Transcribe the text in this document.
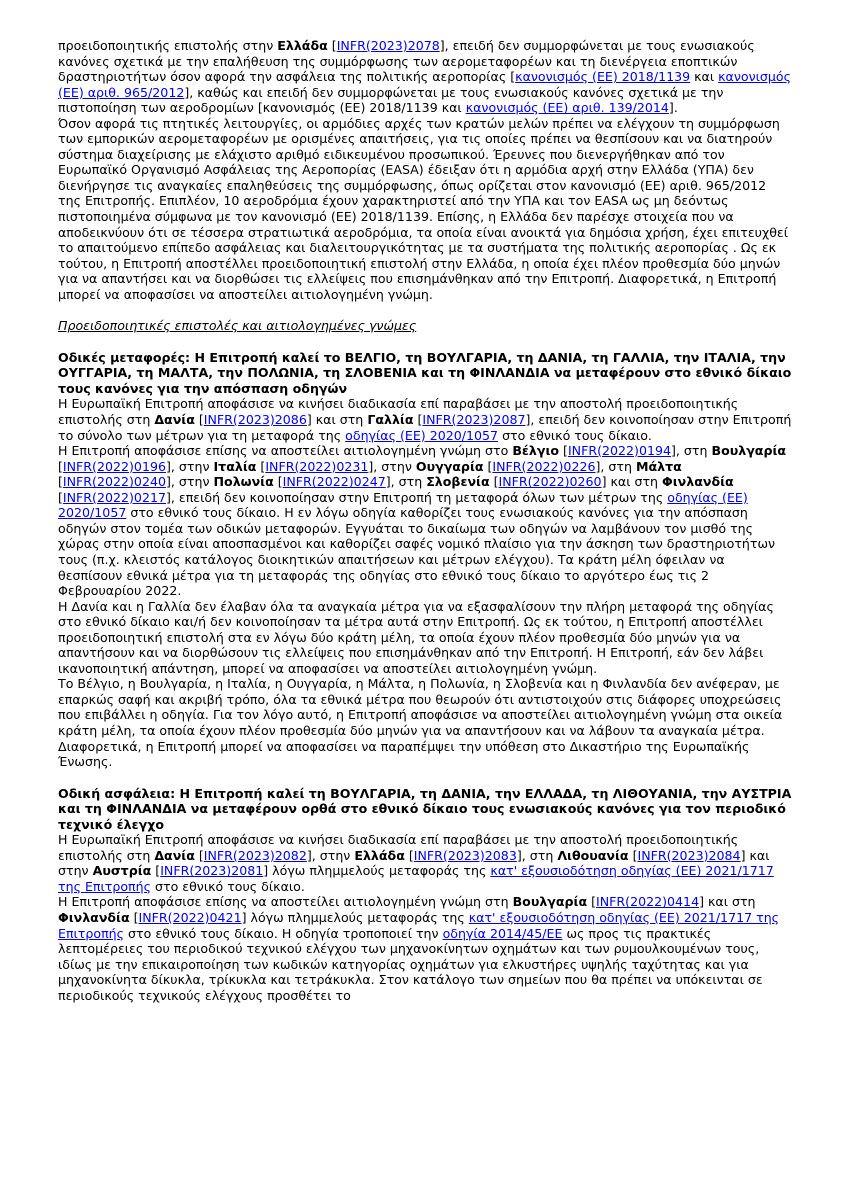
προειδοποιητικής επιστολής στην Ελλάδα [INFR(2023)2078], επειδή δεν συμμορφώνεται με τους ενωσιακούς κανόνες σχετικά με την επαλήθευση της συμμόρφωσης των αερομεταφορέων και τη διενέργεια εποπτικών δραστηριοτήτων όσον αφορά την ασφάλεια της πολιτικής αεροπορίας [κανονισμός (ΕΕ) 2018/1139 και κανονισμός (ΕΕ) αριθ. 965/2012], καθώς και επειδή δεν συμμορφώνεται με τους ενωσιακούς κανόνες σχετικά με την πιστοποίηση των αεροδρομίων [κανονισμός (ΕΕ) 2018/1139 και κανονισμός (ΕΕ) αριθ. 139/2014].

Όσον αφορά τις πτητικές λειτουργίες, οι αρμόδιες αρχές των κρατών μελών πρέπει να ελέγχουν τη συμμόρφωση των εμπορικών αερομεταφορέων με ορισμένες απαιτήσεις, για τις οποίες πρέπει να θεσπίσουν και να διατηρούν σύστημα διαχείρισης με ελάχιστο αριθμό ειδικευμένου προσωπικού. Έρευνες που διενεργήθηκαν από τον Ευρωπαϊκό Οργανισμό Ασφάλειας της Αεροπορίας (EASA) έδειξαν ότι η αρμόδια αρχή στην Ελλάδα (ΥΠΑ) δεν διενήργησε τις αναγκαίες επαληθεύσεις της συμμόρφωσης, όπως ορίζεται στον κανονισμό (ΕΕ) αριθ. 965/2012 της Επιτροπής. Επιπλέον, 10 αεροδρόμια έχουν χαρακτηριστεί από την ΥΠΑ και τον EASA ως μη δεόντως πιστοποιημένα σύμφωνα με τον κανονισμό (ΕΕ) 2018/1139. Επίσης, η Ελλάδα δεν παρέσχε στοιχεία που να αποδεικνύουν ότι σε τέσσερα στρατιωτικά αεροδρόμια, τα οποία είναι ανοικτά για δημόσια χρήση, έχει επιτευχθεί το απαιτούμενο επίπεδο ασφάλειας και διαλειτουργικότητας με τα συστήματα της πολιτικής αεροπορίας . Ως εκ τούτου, η Επιτροπή αποστέλλει προειδοποιητική επιστολή στην Ελλάδα, η οποία έχει πλέον προθεσμία δύο μηνών για να απαντήσει και να διορθώσει τις ελλείψεις που επισημάνθηκαν από την Επιτροπή. Διαφορετικά, η Επιτροπή μπορεί να αποφασίσει να αποστείλει αιτιολογημένη γνώμη.

Προειδοποιητικές επιστολές και αιτιολογημένες γνώμες

Οδικές μεταφορές: Η Επιτροπή καλεί το ΒΕΛΓΙΟ, τη ΒΟΥΛΓΑΡΙΑ, τη ΔΑΝΙΑ, τη ΓΑΛΛΙΑ, την ΙΤΑΛΙΑ, την ΟΥΓΓΑΡΙΑ, τη ΜΑΛΤΑ, την ΠΟΛΩΝΙΑ, τη ΣΛΟΒΕΝΙΑ και τη ΦΙΝΛΑΝΔΙΑ να μεταφέρουν στο εθνικό δίκαιο τους κανόνες για την απόσπαση οδηγών

Η Ευρωπαϊκή Επιτροπή αποφάσισε να κινήσει διαδικασία επί παραβάσει με την αποστολή προειδοποιητικής επιστολής στη Δανία [INFR(2023)2086] και στη Γαλλία [INFR(2023)2087], επειδή δεν κοινοποίησαν στην Επιτροπή το σύνολο των μέτρων για τη μεταφορά της οδηγίας (ΕΕ) 2020/1057 στο εθνικό τους δίκαιο.

Η Επιτροπή αποφάσισε επίσης να αποστείλει αιτιολογημένη γνώμη στο Βέλγιο [INFR(2022)0194], στη Βουλγαρία [INFR(2022)0196], στην Ιταλία [INFR(2022)0231], στην Ουγγαρία [INFR(2022)0226], στη Μάλτα [INFR(2022)0240], στην Πολωνία [INFR(2022)0247], στη Σλοβενία [INFR(2022)0260] και στη Φινλανδία [INFR(2022)0217], επειδή δεν κοινοποίησαν στην Επιτροπή τη μεταφορά όλων των μέτρων της οδηγίας (ΕΕ) 2020/1057 στο εθνικό τους δίκαιο. Η εν λόγω οδηγία καθορίζει τους ενωσιακούς κανόνες για την απόσπαση οδηγών στον τομέα των οδικών μεταφορών. Εγγυάται το δικαίωμα των οδηγών να λαμβάνουν τον μισθό της χώρας στην οποία είναι αποσπασμένοι και καθορίζει σαφές νομικό πλαίσιο για την άσκηση των δραστηριοτήτων τους (π.χ. κλειστός κατάλογος διοικητικών απαιτήσεων και μέτρων ελέγχου). Τα κράτη μέλη όφειλαν να θεσπίσουν εθνικά μέτρα για τη μεταφοράς της οδηγίας στο εθνικό τους δίκαιο το αργότερο έως τις 2 Φεβρουαρίου 2022.

Η Δανία και η Γαλλία δεν έλαβαν όλα τα αναγκαία μέτρα για να εξασφαλίσουν την πλήρη μεταφορά της οδηγίας στο εθνικό δίκαιο και/ή δεν κοινοποίησαν τα μέτρα αυτά στην Επιτροπή. Ως εκ τούτου, η Επιτροπή αποστέλλει προειδοποιητική επιστολή στα εν λόγω δύο κράτη μέλη, τα οποία έχουν πλέον προθεσμία δύο μηνών για να απαντήσουν και να διορθώσουν τις ελλείψεις που επισημάνθηκαν από την Επιτροπή. Η Επιτροπή, εάν δεν λάβει ικανοποιητική απάντηση, μπορεί να αποφασίσει να αποστείλει αιτιολογημένη γνώμη.

Το Βέλγιο, η Βουλγαρία, η Ιταλία, η Ουγγαρία, η Μάλτα, η Πολωνία, η Σλοβενία και η Φινλανδία δεν ανέφεραν, με επαρκώς σαφή και ακριβή τρόπο, όλα τα εθνικά μέτρα που θεωρούν ότι αντιστοιχούν στις διάφορες υποχρεώσεις που επιβάλλει η οδηγία. Για τον λόγο αυτό, η Επιτροπή αποφάσισε να αποστείλει αιτιολογημένη γνώμη στα οικεία κράτη μέλη, τα οποία έχουν πλέον προθεσμία δύο μηνών για να απαντήσουν και να λάβουν τα αναγκαία μέτρα. Διαφορετικά, η Επιτροπή μπορεί να αποφασίσει να παραπέμψει την υπόθεση στο Δικαστήριο της Ευρωπαϊκής Ένωσης.

Οδική ασφάλεια: Η Επιτροπή καλεί τη ΒΟΥΛΓΑΡΙΑ, τη ΔΑΝΙΑ, την ΕΛΛΑΔΑ, τη ΛΙΘΟΥΑΝΙΑ, την ΑΥΣΤΡΙΑ και τη ΦΙΝΛΑΝΔΙΑ να μεταφέρουν ορθά στο εθνικό δίκαιο τους ενωσιακούς κανόνες για τον περιοδικό τεχνικό έλεγχο

Η Ευρωπαϊκή Επιτροπή αποφάσισε να κινήσει διαδικασία επί παραβάσει με την αποστολή προειδοποιητικής επιστολής στη Δανία [INFR(2023)2082], στην Ελλάδα [INFR(2023)2083], στη Λιθουανία [INFR(2023)2084] και στην Αυστρία [INFR(2023)2081] λόγω πλημμελούς μεταφοράς της κατ' εξουσιοδότηση οδηγίας (ΕΕ) 2021/1717 της Επιτροπής στο εθνικό τους δίκαιο.

Η Επιτροπή αποφάσισε επίσης να αποστείλει αιτιολογημένη γνώμη στη Βουλγαρία [INFR(2022)0414] και στη Φινλανδία [INFR(2022)0421] λόγω πλημμελούς μεταφοράς της κατ' εξουσιοδότηση οδηγίας (ΕΕ) 2021/1717 της Επιτροπής στο εθνικό τους δίκαιο. Η οδηγία τροποποιεί την οδηγία 2014/45/ΕΕ ως προς τις πρακτικές λεπτομέρειες του περιοδικού τεχνικού ελέγχου των μηχανοκίνητων οχημάτων και των ρυμουλκουμένων τους, ιδίως με την επικαιροποίηση των κωδικών κατηγορίας οχημάτων για ελκυστήρες υψηλής ταχύτητας και για μηχανοκίνητα δίκυκλα, τρίκυκλα και τετράκυκλα. Στον κατάλογο των σημείων που θα πρέπει να υπόκεινται σε περιοδικούς τεχνικούς ελέγχους προσθέτει το
